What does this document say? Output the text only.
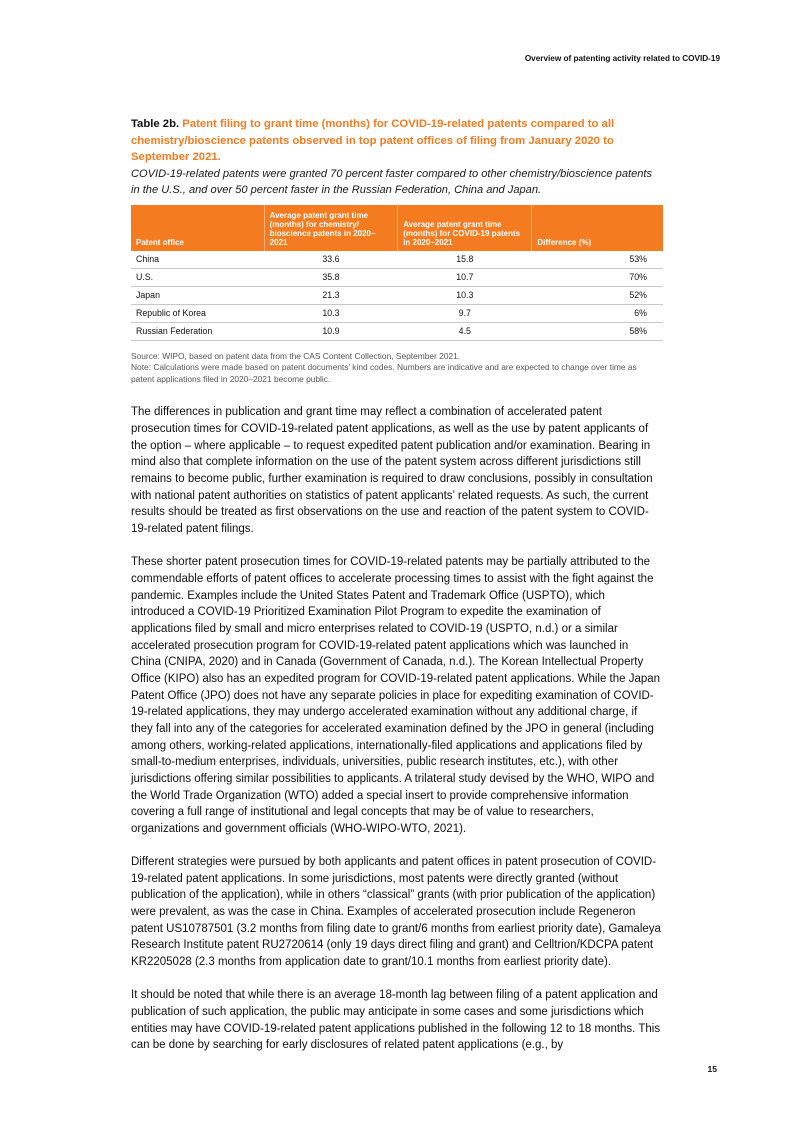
Overview of patenting activity related to COVID-19

Table 2b. Patent filing to grant time (months) for COVID-19-related patents compared to all chemistry/bioscience patents observed in top patent offices of filing from January 2020 to September 2021.

COVID-19-related patents were granted 70 percent faster compared to other chemistry/bioscience patents in the U.S., and over 50 percent faster in the Russian Federation, China and Japan.

Patent office	Average patent grant time (months) for chemistry/ bioscience patents in 2020–2021	Average patent grant time (months) for COVID-19 patents in 2020–2021	Difference (%)
China	33.6	15.8	53%
U.S.	35.8	10.7	70%
Japan	21.3	10.3	52%
Republic of Korea	10.3	9.7	6%
Russian Federation	10.9	4.5	58%
Source: WIPO, based on patent data from the CAS Content Collection, September 2021.
Note: Calculations were made based on patent documents’ kind codes. Numbers are indicative and are expected to change over time as patent applications filed in 2020–2021 become public.

The differences in publication and grant time may reflect a combination of accelerated patent prosecution times for COVID-19-related patent applications, as well as the use by patent applicants of the option – where applicable – to request expedited patent publication and/or examination. Bearing in mind also that complete information on the use of the patent system across different jurisdictions still remains to become public, further examination is required to draw conclusions, possibly in consultation with national patent authorities on statistics of patent applicants’ related requests. As such, the current results should be treated as first observations on the use and reaction of the patent system to COVID-19-related patent filings.

These shorter patent prosecution times for COVID-19-related patents may be partially attributed to the commendable efforts of patent offices to accelerate processing times to assist with the fight against the pandemic. Examples include the United States Patent and Trademark Office (USPTO), which introduced a COVID-19 Prioritized Examination Pilot Program to expedite the examination of applications filed by small and micro enterprises related to COVID-19 (USPTO, n.d.) or a similar accelerated prosecution program for COVID-19-related patent applications which was launched in China (CNIPA, 2020) and in Canada (Government of Canada, n.d.). The Korean Intellectual Property Office (KIPO) also has an expedited program for COVID-19-related patent applications. While the Japan Patent Office (JPO) does not have any separate policies in place for expediting examination of COVID-19-related applications, they may undergo accelerated examination without any additional charge, if they fall into any of the categories for accelerated examination defined by the JPO in general (including among others, working-related applications, internationally-filed applications and applications filed by small-to-medium enterprises, individuals, universities, public research institutes, etc.), with other jurisdictions offering similar possibilities to applicants. A trilateral study devised by the WHO, WIPO and the World Trade Organization (WTO) added a special insert to provide comprehensive information covering a full range of institutional and legal concepts that may be of value to researchers, organizations and government officials (WHO-WIPO-WTO, 2021).

Different strategies were pursued by both applicants and patent offices in patent prosecution of COVID-19-related patent applications. In some jurisdictions, most patents were directly granted (without publication of the application), while in others “classical” grants (with prior publication of the application) were prevalent, as was the case in China. Examples of accelerated prosecution include Regeneron patent US10787501 (3.2 months from filing date to grant/6 months from earliest priority date), Gamaleya Research Institute patent RU2720614 (only 19 days direct filing and grant) and Celltrion/KDCPA patent KR2205028 (2.3 months from application date to grant/10.1 months from earliest priority date).

It should be noted that while there is an average 18-month lag between filing of a patent application and publication of such application, the public may anticipate in some cases and some jurisdictions which entities may have COVID-19-related patent applications published in the following 12 to 18 months. This can be done by searching for early disclosures of related patent applications (e.g., by

15
